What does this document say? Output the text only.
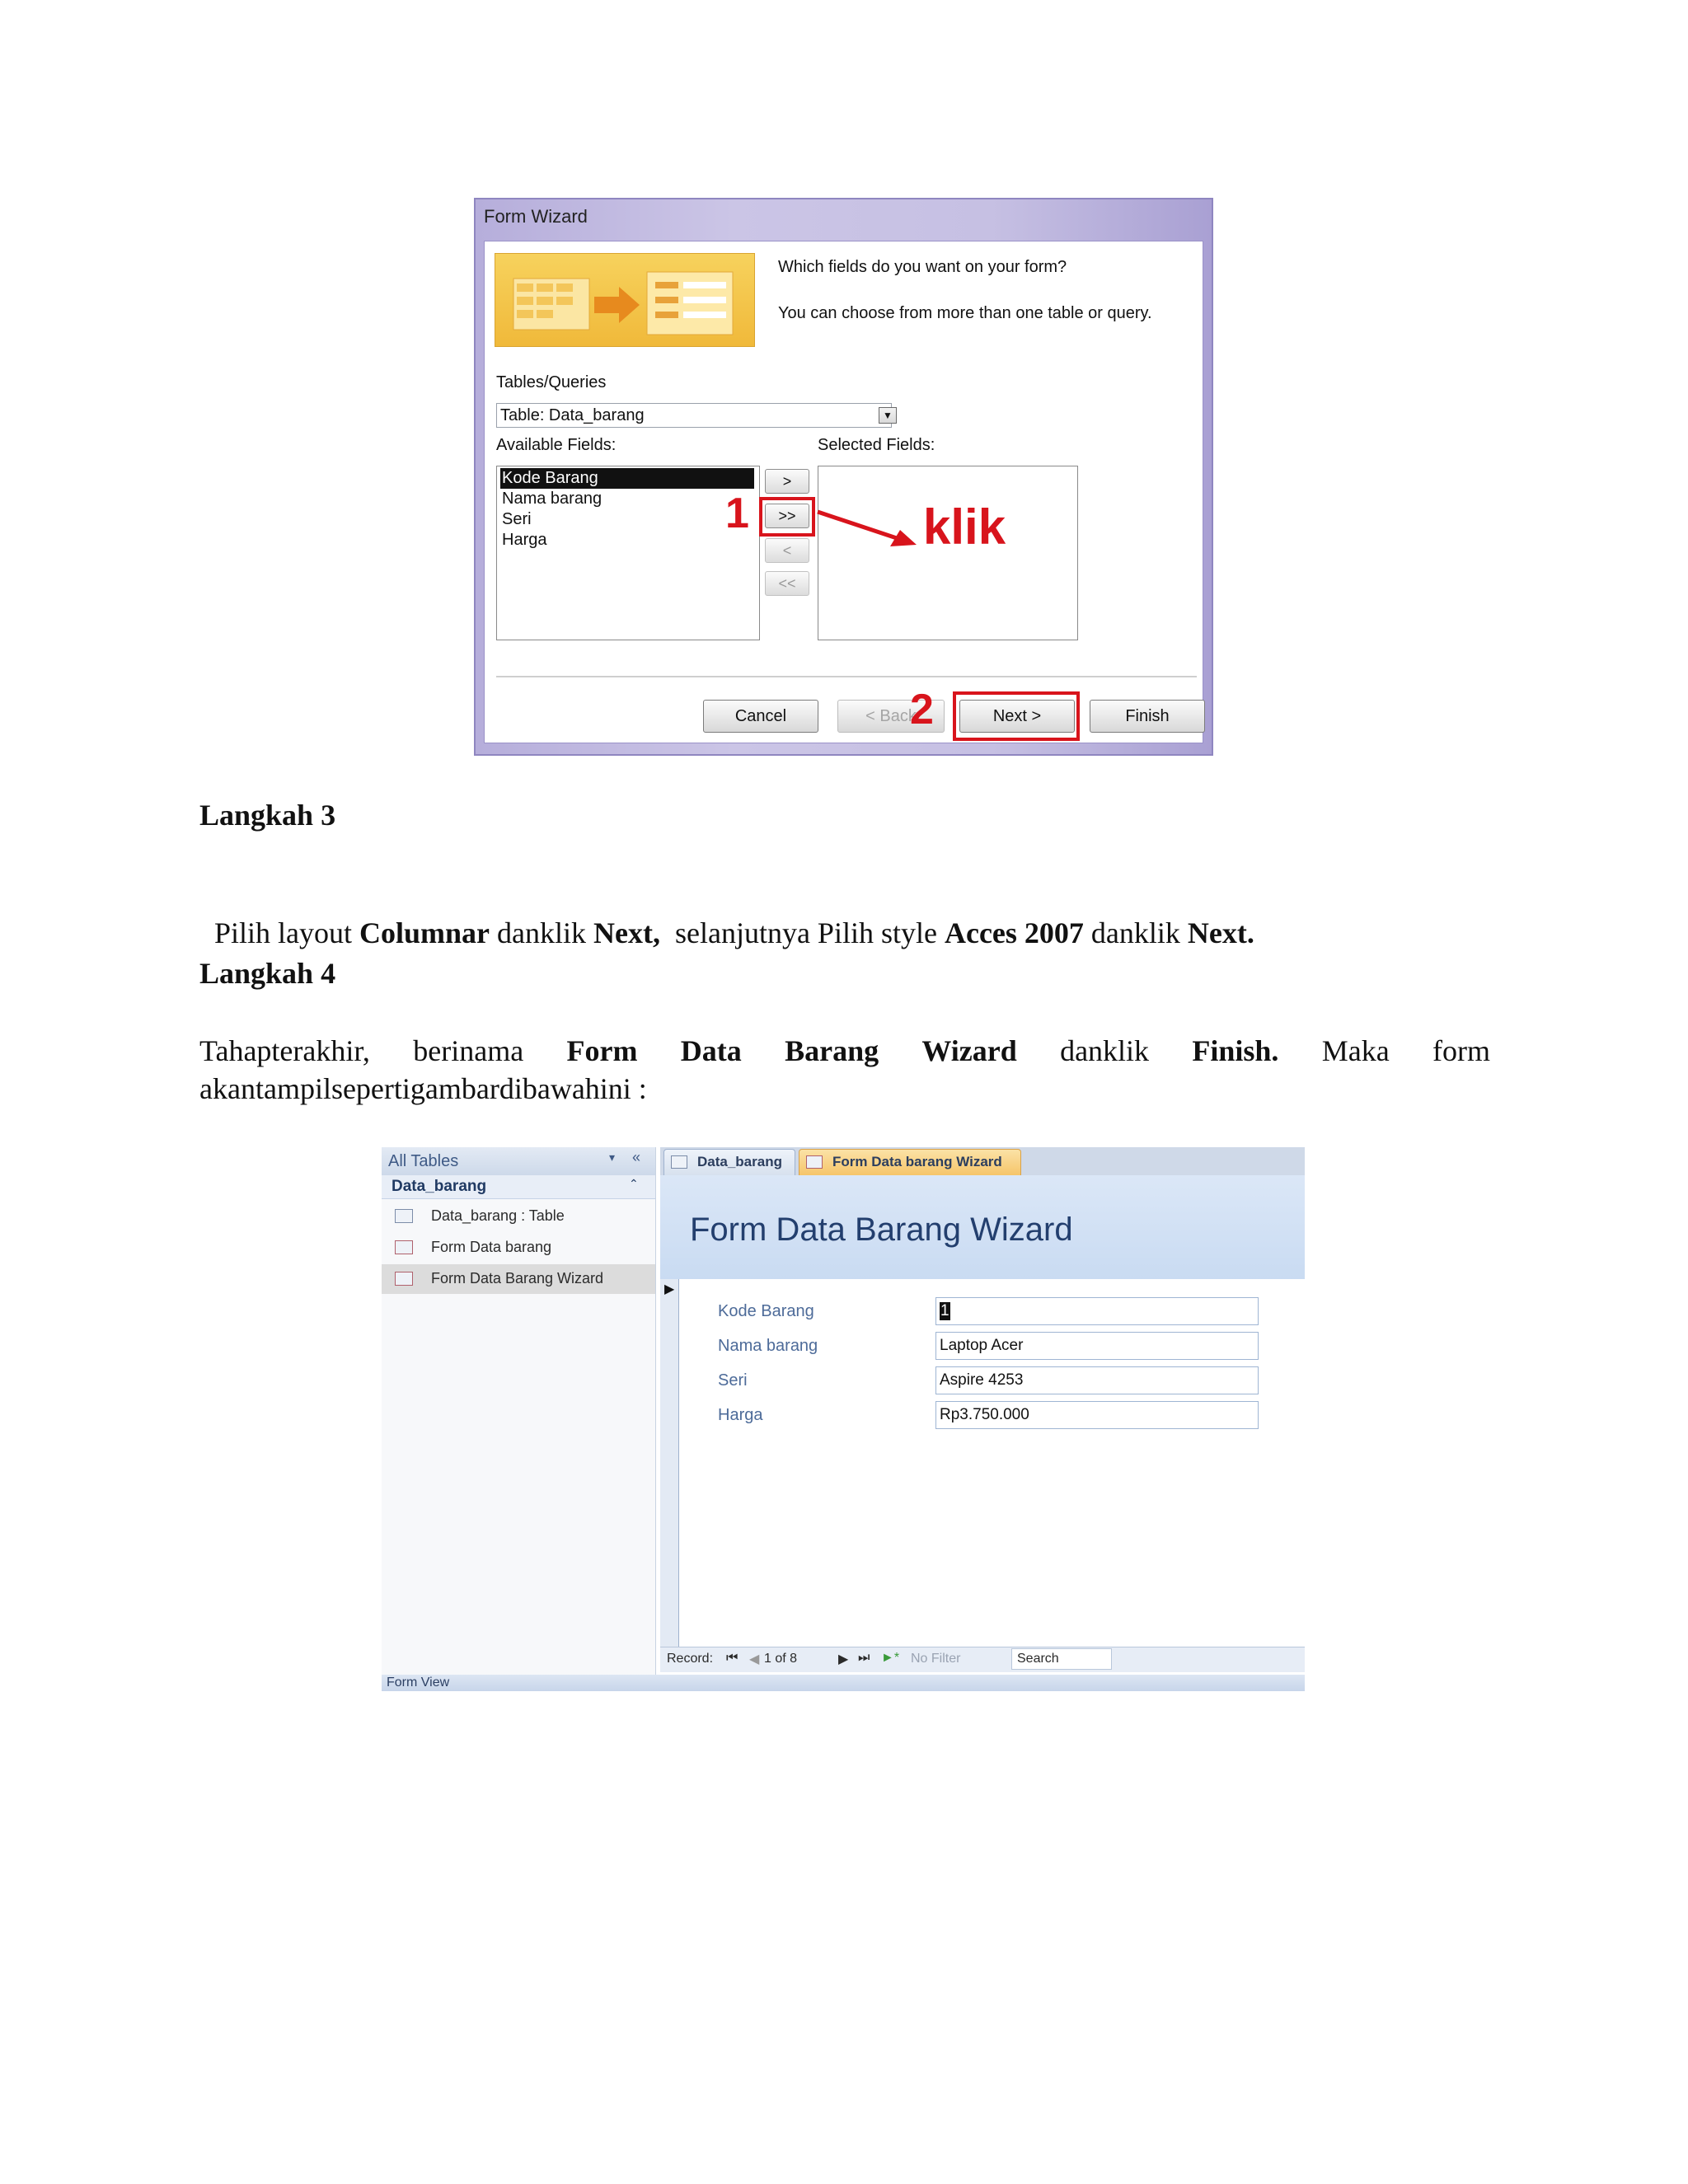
Form Wizard
Which fields do you want on your form?
You can choose from more than one table or query.
Tables/Queries
Table: Data_barang	▼
Available Fields:	Selected Fields:
Kode Barang
Nama barang
Seri
Harga
>
>>
<
<<
1	klik
Cancel	< Back	Next >	Finish
2
Langkah 3

Pilih layout Columnar danklik Next,  selanjutnya Pilih style Acces 2007 danklik Next.

Langkah 4
Tahapterakhir, berinama Form Data Barang Wizard danklik Finish. Maka form
akantampilsepertigambardibawahini :
All Tables	▾ «
Data_barang	⌃
Data_barang : Table
Form Data barang
Form Data Barang Wizard
Data_barang	Form Data barang Wizard
Form Data Barang Wizard
▶
Kode Barang	1
Nama barang	Laptop Acer
Seri	Aspire 4253
Harga	Rp3.750.000
Record: ⏮ ◀ 1 of 8	▶ ⏭ ►* No Filter	Search
Form View
